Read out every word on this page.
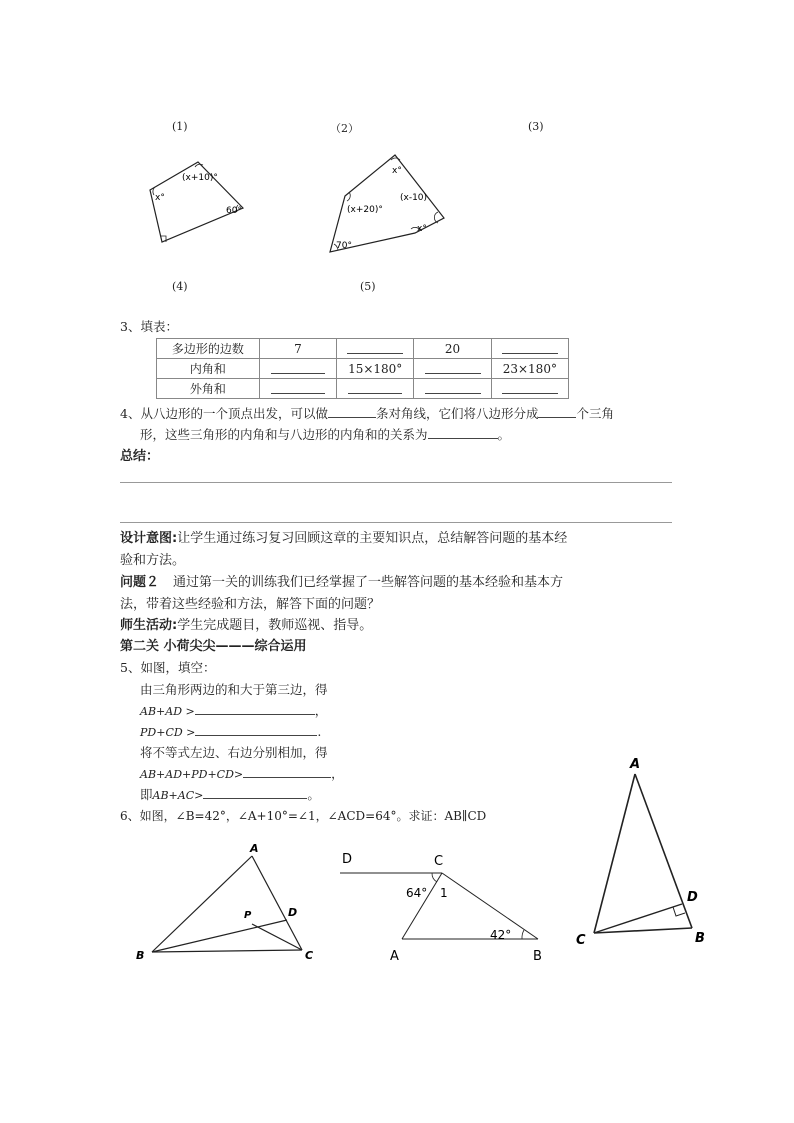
(1)	（2）	(3)
(x+10)°
x°
60°
x°
(x-10)
(x+20)°
x°
70°
(4)	(5)
3、填表：
多边形的边数	7		20	
内角和		15×180°		23×180°
外角和				
4、从八边形的一个顶点出发，可以做	条对角线，它们将八边形分成	个三角
形，这些三角形的内角和与八边形的内角和的关系为	。
总结：
设计意图:让学生通过练习复习回顾这章的主要知识点，总结解答问题的基本经
验和方法。
问题２ 通过第一关的训练我们已经掌握了一些解答问题的基本经验和基本方
法，带着这些经验和方法，解答下面的问题？
师生活动:学生完成题目，教师巡视、指导。
第二关 小荷尖尖———综合运用
5、如图，填空：
由三角形两边的和大于第三边，得
AB+AD >	，
PD+CD >	.
将不等式左边、右边分别相加，得
AB+AD+PD+CD>	，
即AB+AC>	。
6、如图，∠B=42°，∠A+10°=∠1，∠ACD=64°。求证：AB∥CD
A
B	C
D
P
D	C
A	B
64° 1
42°
A
C	B
D
